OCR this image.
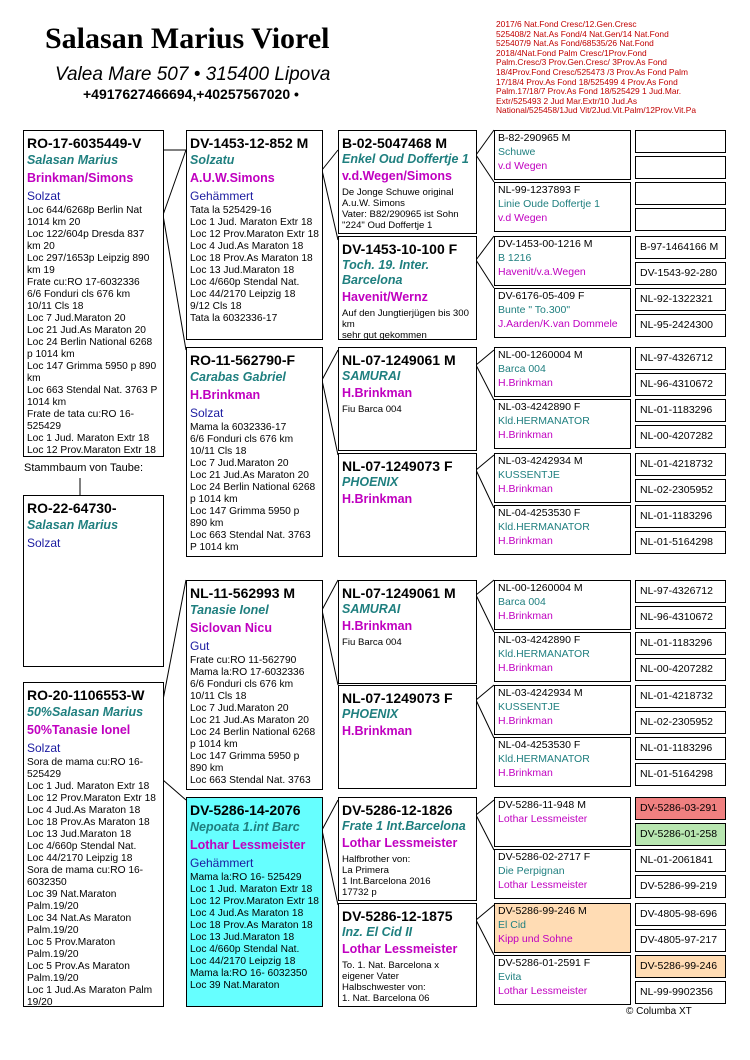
Salasan Marius Viorel
Valea Mare 507 • 315400 Lipova
+4917627466694,+40257567020 •
2017/6 Nat.Fond Cresc/12.Gen.Cresc
525408/2 Nat.As Fond/4 Nat.Gen/14 Nat.Fond
525407/9 Nat.As Fond/68535/26 Nat.Fond
2018/4Nat.Fond Palm Cresc/1Prov.Fond
Palm.Cresc/3 Prov.Gen.Cresc/ 3Prov.As Fond
18/4Prov.Fond Cresc/525473 /3 Prov.As Fond Palm
17/18/4 Prov.As Fond 18/525499 4 Prov.As Fond
Palm.17/18/7 Prov.As Fond 18/525429 1 Jud.Mar.
Extr/525493 2 Jud Mar.Extr/10 Jud.As
National/525458/1Jud Vit/2Jud.Vit.Palm/12Prov.Vit.Pa
RO-17-6035449-V
Salasan Marius
Brinkman/Simons
Solzat
Loc 644/6268p Berlin Nat 1014 km 20
Loc 122/604p Dresda 837 km 20
Loc 297/1653p Leipzig 890 km 19
Frate cu:RO 17-6032336
6/6 Fonduri cls 676 km
10/11 Cls 18
Loc 7 Jud.Maraton 20
Loc 21 Jud.As Maraton 20
Loc 24 Berlin National 6268 p 1014 km
Loc 147 Grimma 5950 p 890 km
Loc 663 Stendal Nat. 3763 P 1014 km
Frate de tata cu:RO 16-525429
Loc 1 Jud. Maraton Extr 18
Loc 12 Prov.Maraton Extr 18
Stammbaum von Taube:
RO-22-64730-
Salasan Marius
Solzat
RO-20-1106553-W
50%Salasan Marius
50%Tanasie Ionel
Solzat
Sora de mama cu:RO 16-525429
Loc 1 Jud. Maraton Extr 18
Loc 12 Prov.Maraton Extr 18
Loc 4 Jud.As Maraton 18
Loc 18 Prov.As Maraton 18
Loc 13 Jud.Maraton 18
Loc 4/660p Stendal Nat.
Loc 44/2170 Leipzig 18
Sora de mama cu:RO 16-6032350
Loc 39 Nat.Maraton Palm.19/20
Loc 34 Nat.As Maraton Palm.19/20
Loc 5 Prov.Maraton Palm.19/20
Loc 5 Prov.As Maraton Palm.19/20
Loc 1 Jud.As Maraton Palm 19/20
DV-1453-12-852 M
Solzatu
A.U.W.Simons
Gehämmert
Tata la 525429-16
Loc 1 Jud. Maraton Extr 18
Loc 12 Prov.Maraton Extr 18
Loc 4 Jud.As Maraton 18
Loc 18 Prov.As Maraton 18
Loc 13 Jud.Maraton 18
Loc 4/660p Stendal Nat.
Loc 44/2170 Leipzig 18
9/12 Cls 18
Tata la 6032336-17
RO-11-562790-F
Carabas Gabriel
H.Brinkman
Solzat
Mama la 6032336-17
6/6 Fonduri cls 676 km
10/11 Cls 18
Loc 7 Jud.Maraton 20
Loc 21 Jud.As Maraton 20
Loc 24 Berlin National 6268 p 1014 km
Loc 147 Grimma 5950 p 890 km
Loc 663 Stendal Nat. 3763 P 1014 km
NL-11-562993 M
Tanasie Ionel
Siclovan Nicu
Gut
Frate cu:RO 11-562790
Mama la:RO 17-6032336
6/6 Fonduri cls 676 km
10/11 Cls 18
Loc 7 Jud.Maraton 20
Loc 21 Jud.As Maraton 20
Loc 24 Berlin National 6268 p 1014 km
Loc 147 Grimma 5950 p 890 km
Loc 663 Stendal Nat. 3763
DV-5286-14-2076
Nepoata 1.int Barc
Lothar Lessmeister
Gehämmert
Mama la:RO 16- 525429
Loc 1 Jud. Maraton Extr 18
Loc 12 Prov.Maraton Extr 18
Loc 4 Jud.As Maraton 18
Loc 18 Prov.As Maraton 18
Loc 13 Jud.Maraton 18
Loc 4/660p Stendal Nat.
Loc 44/2170 Leipzig 18
Mama la:RO 16- 6032350
Loc 39 Nat.Maraton
B-02-5047468 M
Enkel Oud Doffertje 1
v.d.Wegen/Simons
De Jonge Schuwe original
A.u.W. Simons
Vater: B82/290965 ist Sohn
"224" Oud Doffertje 1
DV-1453-10-100 F
Toch. 19. Inter. Barcelona
Havenit/Wernz
Auf den Jungtierjügen bis 300 km
sehr gut gekommen
NL-07-1249061 M
SAMURAI
H.Brinkman
Fiu Barca 004
NL-07-1249073 F
PHOENIX
H.Brinkman
NL-07-1249061 M
SAMURAI
H.Brinkman
Fiu Barca 004
NL-07-1249073 F
PHOENIX
H.Brinkman
DV-5286-12-1826
Frate 1 Int.Barcelona
Lothar Lessmeister
Halfbrother von:
La Primera
1 Int.Barcelona 2016
17732 p
DV-5286-12-1875
Inz. El Cid II
Lothar Lessmeister
To. 1. Nat. Barcelona x
eigener Vater
Halbschwester von:
1. Nat. Barcelona 06
B-82-290965 M
Schuwe
v.d Wegen
NL-99-1237893 F
Linie Oude Doffertje 1
v.d Wegen
DV-1453-00-1216 M
B 1216
Havenit/v.a.Wegen
DV-6176-05-409 F
Bunte " To.300"
J.Aarden/K.van Dommele
NL-00-1260004 M
Barca 004
H.Brinkman
NL-03-4242890 F
Kld.HERMANATOR
H.Brinkman
NL-03-4242934 M
KUSSENTJE
H.Brinkman
NL-04-4253530 F
Kld.HERMANATOR
H.Brinkman
NL-00-1260004 M
Barca 004
H.Brinkman
NL-03-4242890 F
Kld.HERMANATOR
H.Brinkman
NL-03-4242934 M
KUSSENTJE
H.Brinkman
NL-04-4253530 F
Kld.HERMANATOR
H.Brinkman
DV-5286-11-948 M
Lothar Lessmeister
DV-5286-02-2717 F
Die Perpignan
Lothar Lessmeister
DV-5286-99-246 M
El Cid
Kipp und Sohne
DV-5286-01-2591 F
Evita
Lothar Lessmeister
B-97-1464166 M
DV-1543-92-280
NL-92-1322321
NL-95-2424300
NL-97-4326712
NL-96-4310672
NL-01-1183296
NL-00-4207282
NL-01-4218732
NL-02-2305952
NL-01-1183296
NL-01-5164298
NL-97-4326712
NL-96-4310672
NL-01-1183296
NL-00-4207282
NL-01-4218732
NL-02-2305952
NL-01-1183296
NL-01-5164298
DV-5286-03-291
DV-5286-01-258
NL-01-2061841
DV-5286-99-219
DV-4805-98-696
DV-4805-97-217
DV-5286-99-246
NL-99-9902356
© Columba XT
